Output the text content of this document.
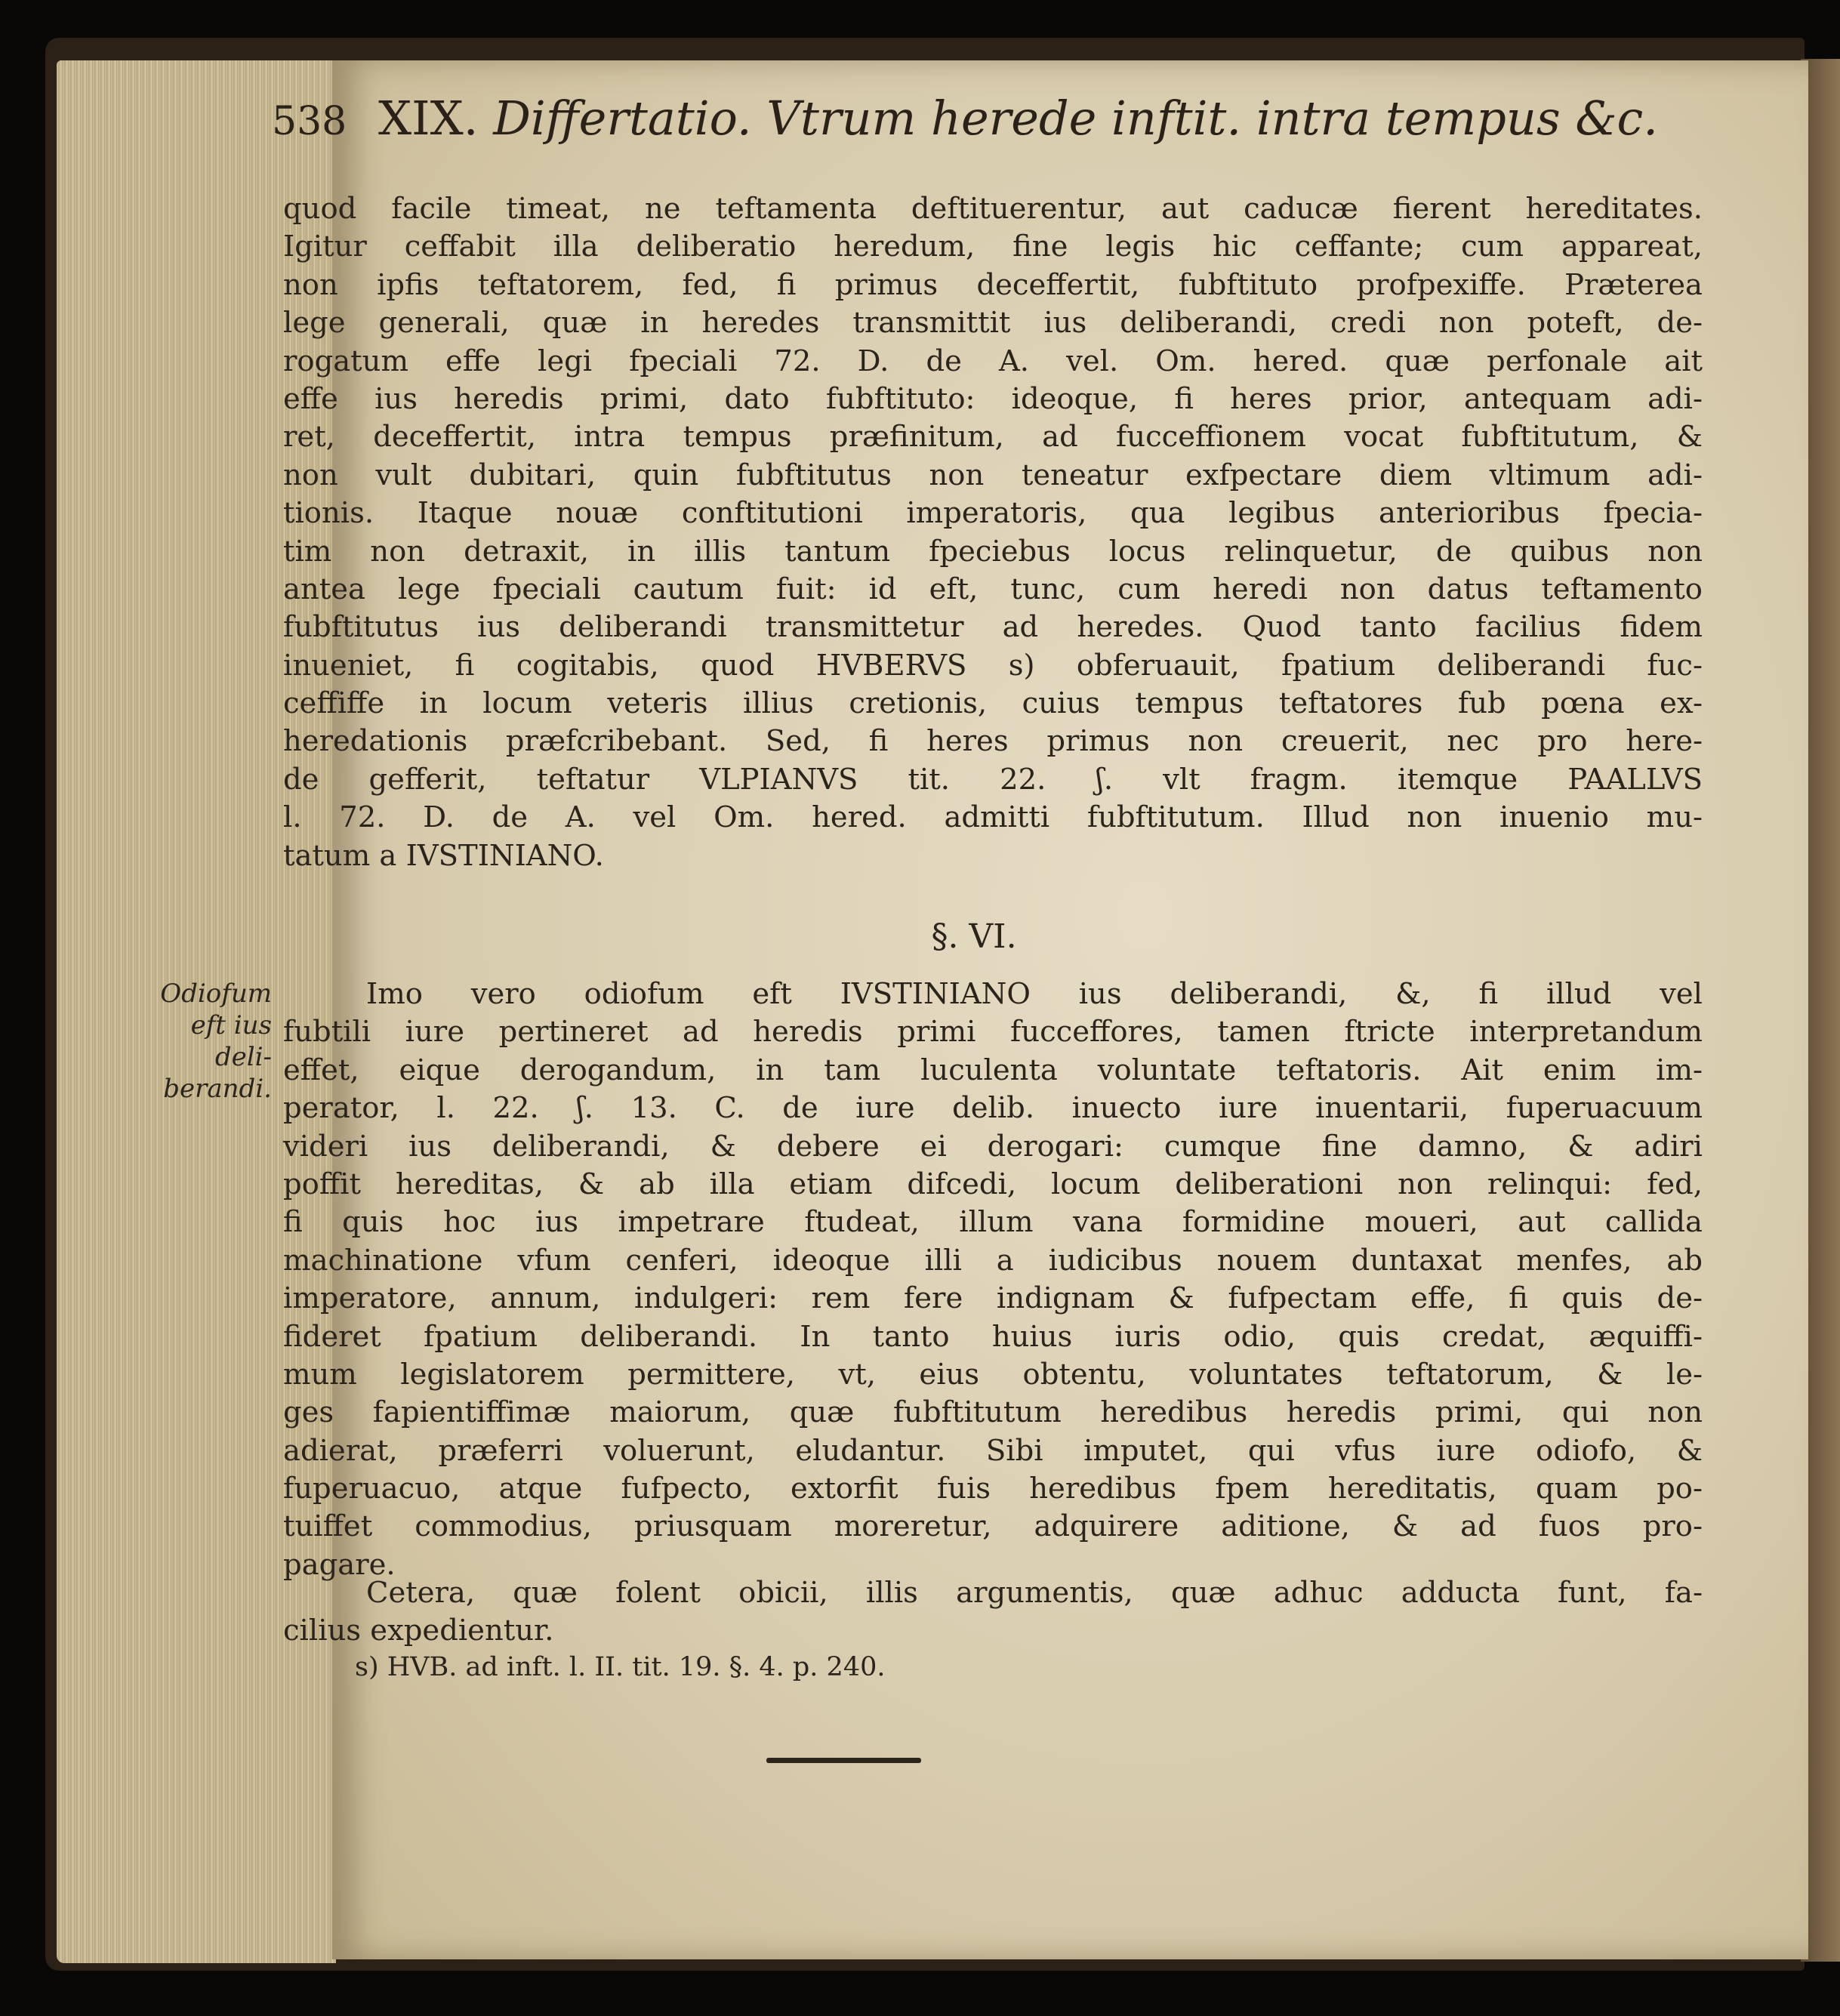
538 XIX. Differtatio. Vtrum herede inftit. intra tempus &c.
quod facile timeat, ne teftamenta deftituerentur, aut caducæ fierent hereditates.
Igitur ceffabit illa deliberatio heredum, fine legis hic ceffante; cum appareat,
non ipfis teftatorem, fed, fi primus deceffertit, fubftituto profpexiffe. Præterea
lege generali, quæ in heredes transmittit ius deliberandi, credi non poteft, de-
rogatum effe legi fpeciali 72. D. de A. vel. Om. hered. quæ perfonale ait
effe ius heredis primi, dato fubftituto: ideoque, fi heres prior, antequam adi-
ret, deceffertit, intra tempus præfinitum, ad fucceffionem vocat fubftitutum, &
non vult dubitari, quin fubftitutus non teneatur exfpectare diem vltimum adi-
tionis. Itaque nouæ conftitutioni imperatoris, qua legibus anterioribus fpecia-
tim non detraxit, in illis tantum fpeciebus locus relinquetur, de quibus non
antea lege fpeciali cautum fuit: id eft, tunc, cum heredi non datus teftamento
fubftitutus ius deliberandi transmittetur ad heredes. Quod tanto facilius fidem
inueniet, fi cogitabis, quod HVBERVS s) obferuauit, fpatium deliberandi fuc-
ceffiffe in locum veteris illius cretionis, cuius tempus teftatores fub pœna ex-
heredationis præfcribebant. Sed, fi heres primus non creuerit, nec pro here-
de gefferit, teftatur VLPIANVS tit. 22. ʃ. vlt fragm. itemque PAALLVS
l. 72. D. de A. vel Om. hered. admitti fubftitutum. Illud non inuenio mu-
tatum a IVSTINIANO.
§. VI.
Odiofum
eft ius deli-
berandi.
Imo vero odiofum eft IVSTINIANO ius deliberandi, &, fi illud vel
fubtili iure pertineret ad heredis primi fucceffores, tamen ftricte interpretandum
effet, eique derogandum, in tam luculenta voluntate teftatoris. Ait enim im-
perator, l. 22. ʃ. 13. C. de iure delib. inuecto iure inuentarii, fuperuacuum
videri ius deliberandi, & debere ei derogari: cumque fine damno, & adiri
poffit hereditas, & ab illa etiam difcedi, locum deliberationi non relinqui: fed,
fi quis hoc ius impetrare ftudeat, illum vana formidine moueri, aut callida
machinatione vfum cenferi, ideoque illi a iudicibus nouem duntaxat menfes, ab
imperatore, annum, indulgeri: rem fere indignam & fufpectam effe, fi quis de-
fideret fpatium deliberandi. In tanto huius iuris odio, quis credat, æquiffi-
mum legislatorem permittere, vt, eius obtentu, voluntates teftatorum, & le-
ges fapientiffimæ maiorum, quæ fubftitutum heredibus heredis primi, qui non
adierat, præferri voluerunt, eludantur. Sibi imputet, qui vfus iure odiofo, &
fuperuacuo, atque fufpecto, extorfit fuis heredibus fpem hereditatis, quam po-
tuiffet commodius, priusquam moreretur, adquirere aditione, & ad fuos pro-
pagare.
Cetera, quæ folent obicii, illis argumentis, quæ adhuc adducta funt, fa-
cilius expedientur.
s) HVB. ad inft. l. II. tit. 19. §. 4. p. 240.
